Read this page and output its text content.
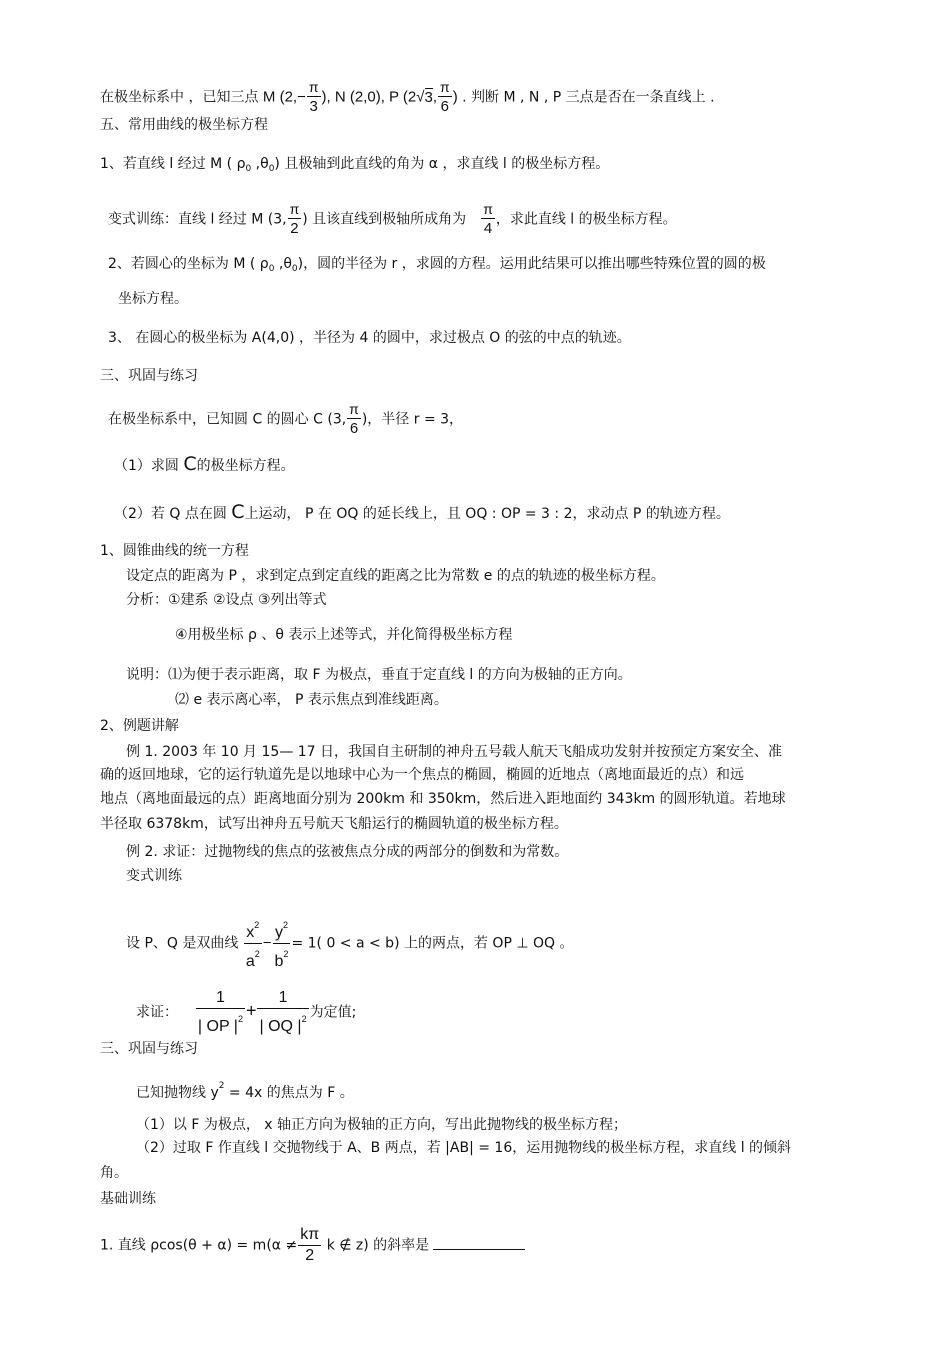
在极坐标系中 ，已知三点 M ($2,- \frac{\pi}{3}$ ), N (2,0), P (2√3, $\frac{\pi}{6}$ ) . 判断 M , N , P 三点是否在一条直线上 .
五、常用曲线的极坐标方程
1、若直线 l 经过 M ( $\rho_0$ $,\theta_0$) 且极轴到此直线的角为 α ，求直线 l 的极坐标方程。
变式训练：直线 l 经过 M (3, $\frac{\pi}{2}$ ) 且该直线到极轴所成角为 $\frac{\pi}{4}$ ，求此直线 l 的极坐标方程。
2、若圆心的坐标为 M ( $\rho_0$ $,\theta_0$)，圆的半径为 r ，求圆的方程。运用此结果可以推出哪些特殊位置的圆的极
坐标方程。
3、 在圆心的极坐标为 A(4,0) ，半径为 4 的圆中，求过极点 O 的弦的中点的轨迹。
三、巩固与练习
在极坐标系中，已知圆 C 的圆心 C (3, $\frac{\pi}{6}$ )，半径 r = 3，
（1）求圆 C的极坐标方程。
（2）若 Q 点在圆 C上运动， P 在 OQ 的延长线上，且 OQ : OP = 3 : 2，求动点 P 的轨迹方程。
1、圆锥曲线的统一方程
设定点的距离为 P ，求到定点到定直线的距离之比为常数 e 的点的轨迹的极坐标方程。
分析：①建系 ②设点 ③列出等式
④用极坐标 ρ 、θ 表示上述等式，并化简得极坐标方程
说明：⑴为便于表示距离，取 F 为极点，垂直于定直线 l 的方向为极轴的正方向。
⑵ e 表示离心率， P 表示焦点到准线距离。
2、例题讲解
例 1. 2003 年 10 月 15— 17 日，我国自主研制的神舟五号载人航天飞船成功发射并按预定方案安全、准
确的返回地球，它的运行轨道先是以地球中心为一个焦点的椭圆，椭圆的近地点（离地面最近的点）和远
地点（离地面最远的点）距离地面分别为 200km 和 350km，然后进入距地面约 343km 的圆形轨道。若地球
半径取 6378km，试写出神舟五号航天飞船运行的椭圆轨道的极坐标方程。
例 2. 求证：过抛物线的焦点的弦被焦点分成的两部分的倒数和为常数。
变式训练
设 P、Q 是双曲线 $\frac{x^2}{a^2} - \frac{y^2}{b^2} = 1$( 0 < a < b) 上的两点，若 OP ⊥ OQ 。
求证： $\frac{1}{| OP |^2} + \frac{1}{| OQ |^2}$ 为定值;
三、巩固与练习
已知抛物线 $y^2 = 4x$ 的焦点为 F 。
（1）以 F 为极点， x 轴正方向为极轴的正方向，写出此抛物线的极坐标方程；
（2）过取 F 作直线 l 交抛物线于 A、B 两点，若 |AB| = 16，运用抛物线的极坐标方程，求直线 l 的倾斜
角。
基础训练
1. 直线 $\rho\cos(\theta + \alpha) = m(\alpha \ne \frac{k\pi}{2}$ k ∉ z) 的斜率是
